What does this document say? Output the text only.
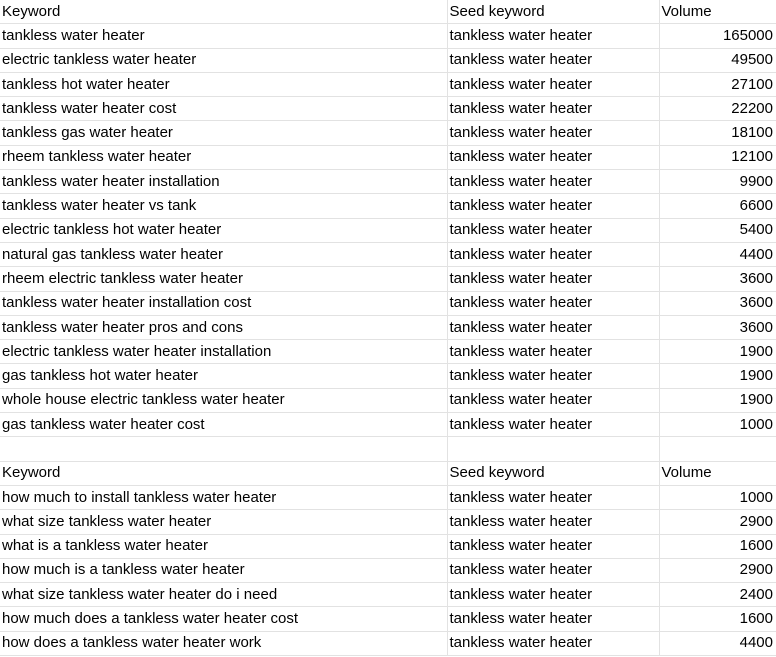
Keyword	Seed keyword	Volume
tankless water heater	tankless water heater	165000
electric tankless water heater	tankless water heater	49500
tankless hot water heater	tankless water heater	27100
tankless water heater cost	tankless water heater	22200
tankless gas water heater	tankless water heater	18100
rheem tankless water heater	tankless water heater	12100
tankless water heater installation	tankless water heater	9900
tankless water heater vs tank	tankless water heater	6600
electric tankless hot water heater	tankless water heater	5400
natural gas tankless water heater	tankless water heater	4400
rheem electric tankless water heater	tankless water heater	3600
tankless water heater installation cost	tankless water heater	3600
tankless water heater pros and cons	tankless water heater	3600
electric tankless water heater installation	tankless water heater	1900
gas tankless hot water heater	tankless water heater	1900
whole house electric tankless water heater	tankless water heater	1900
gas tankless water heater cost	tankless water heater	1000

Keyword	Seed keyword	Volume
how much to install tankless water heater	tankless water heater	1000
what size tankless water heater	tankless water heater	2900
what is a tankless water heater	tankless water heater	1600
how much is a tankless water heater	tankless water heater	2900
what size tankless water heater do i need	tankless water heater	2400
how much does a tankless water heater cost	tankless water heater	1600
how does a tankless water heater work	tankless water heater	4400
